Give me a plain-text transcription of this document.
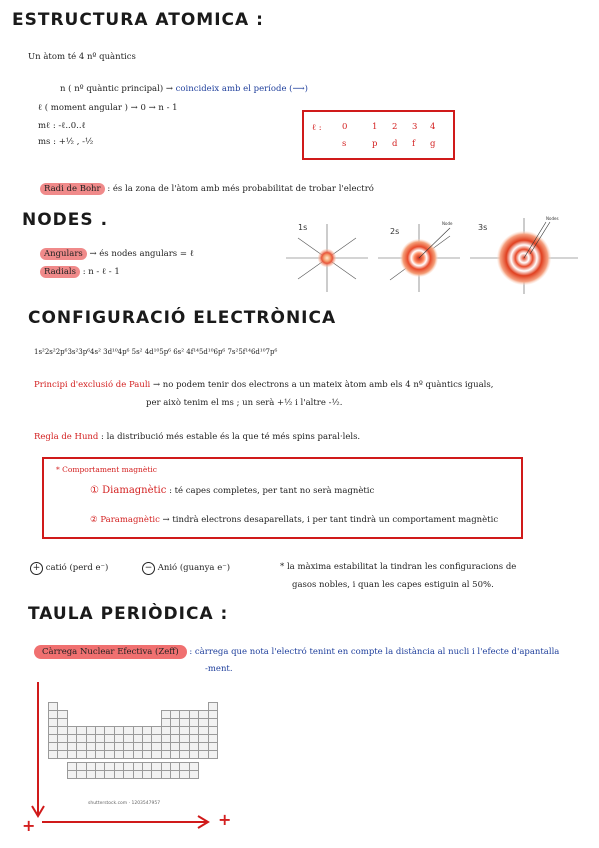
ESTRUCTURA ATOMICA :
Un àtom té 4 nº quàntics
n ( nº quàntic principal) → coincideix amb el període (⟶)
ℓ ( moment angular ) → 0 → n - 1
mℓ : -ℓ..0..ℓ
ms : +½ , -½
ℓ : 0	1 2 3 4
s	p d f g
Radi de Bohr : és la zona de l'àtom amb més probabilitat de trobar l'electró
NODES .
Angulars → és nodes angulars = ℓ
Radials : n - ℓ - 1
1s	2s
Node	3s
Nodes
CONFIGURACIÓ ELECTRÒNICA
1s²2s²2p⁶3s²3p⁶4s² 3d¹⁰4p⁶ 5s² 4d¹⁰5p⁶ 6s² 4f¹⁴5d¹⁰6p⁶ 7s²5f¹⁴6d¹⁰7p⁶
Principi d'exclusió de Pauli → no podem tenir dos electrons a un mateix àtom amb els 4 nº quàntics iguals,
per això tenim el ms ; un serà +½ i l'altre -½.
Regla de Hund : la distribució més estable és la que té més spins paral·lels.
* Comportament magnètic
① Diamagnètic : té capes completes, per tant no serà magnètic
② Paramagnètic → tindrà electrons desaparellats, i per tant tindrà un comportament magnètic
+ catió (perd e⁻)	− Anió (guanya e⁻)	* la màxima estabilitat la tindran les configuracions de
gasos nobles, i quan les capes estiguin al 50%.
TAULA PERIÒDICA :
Càrrega Nuclear Efectiva (Zeff) : càrrega que nota l'electró tenint en compte la distància al nucli i l'efecte d'apantalla
-ment.

shutterstock.com · 1203547957
+	+
